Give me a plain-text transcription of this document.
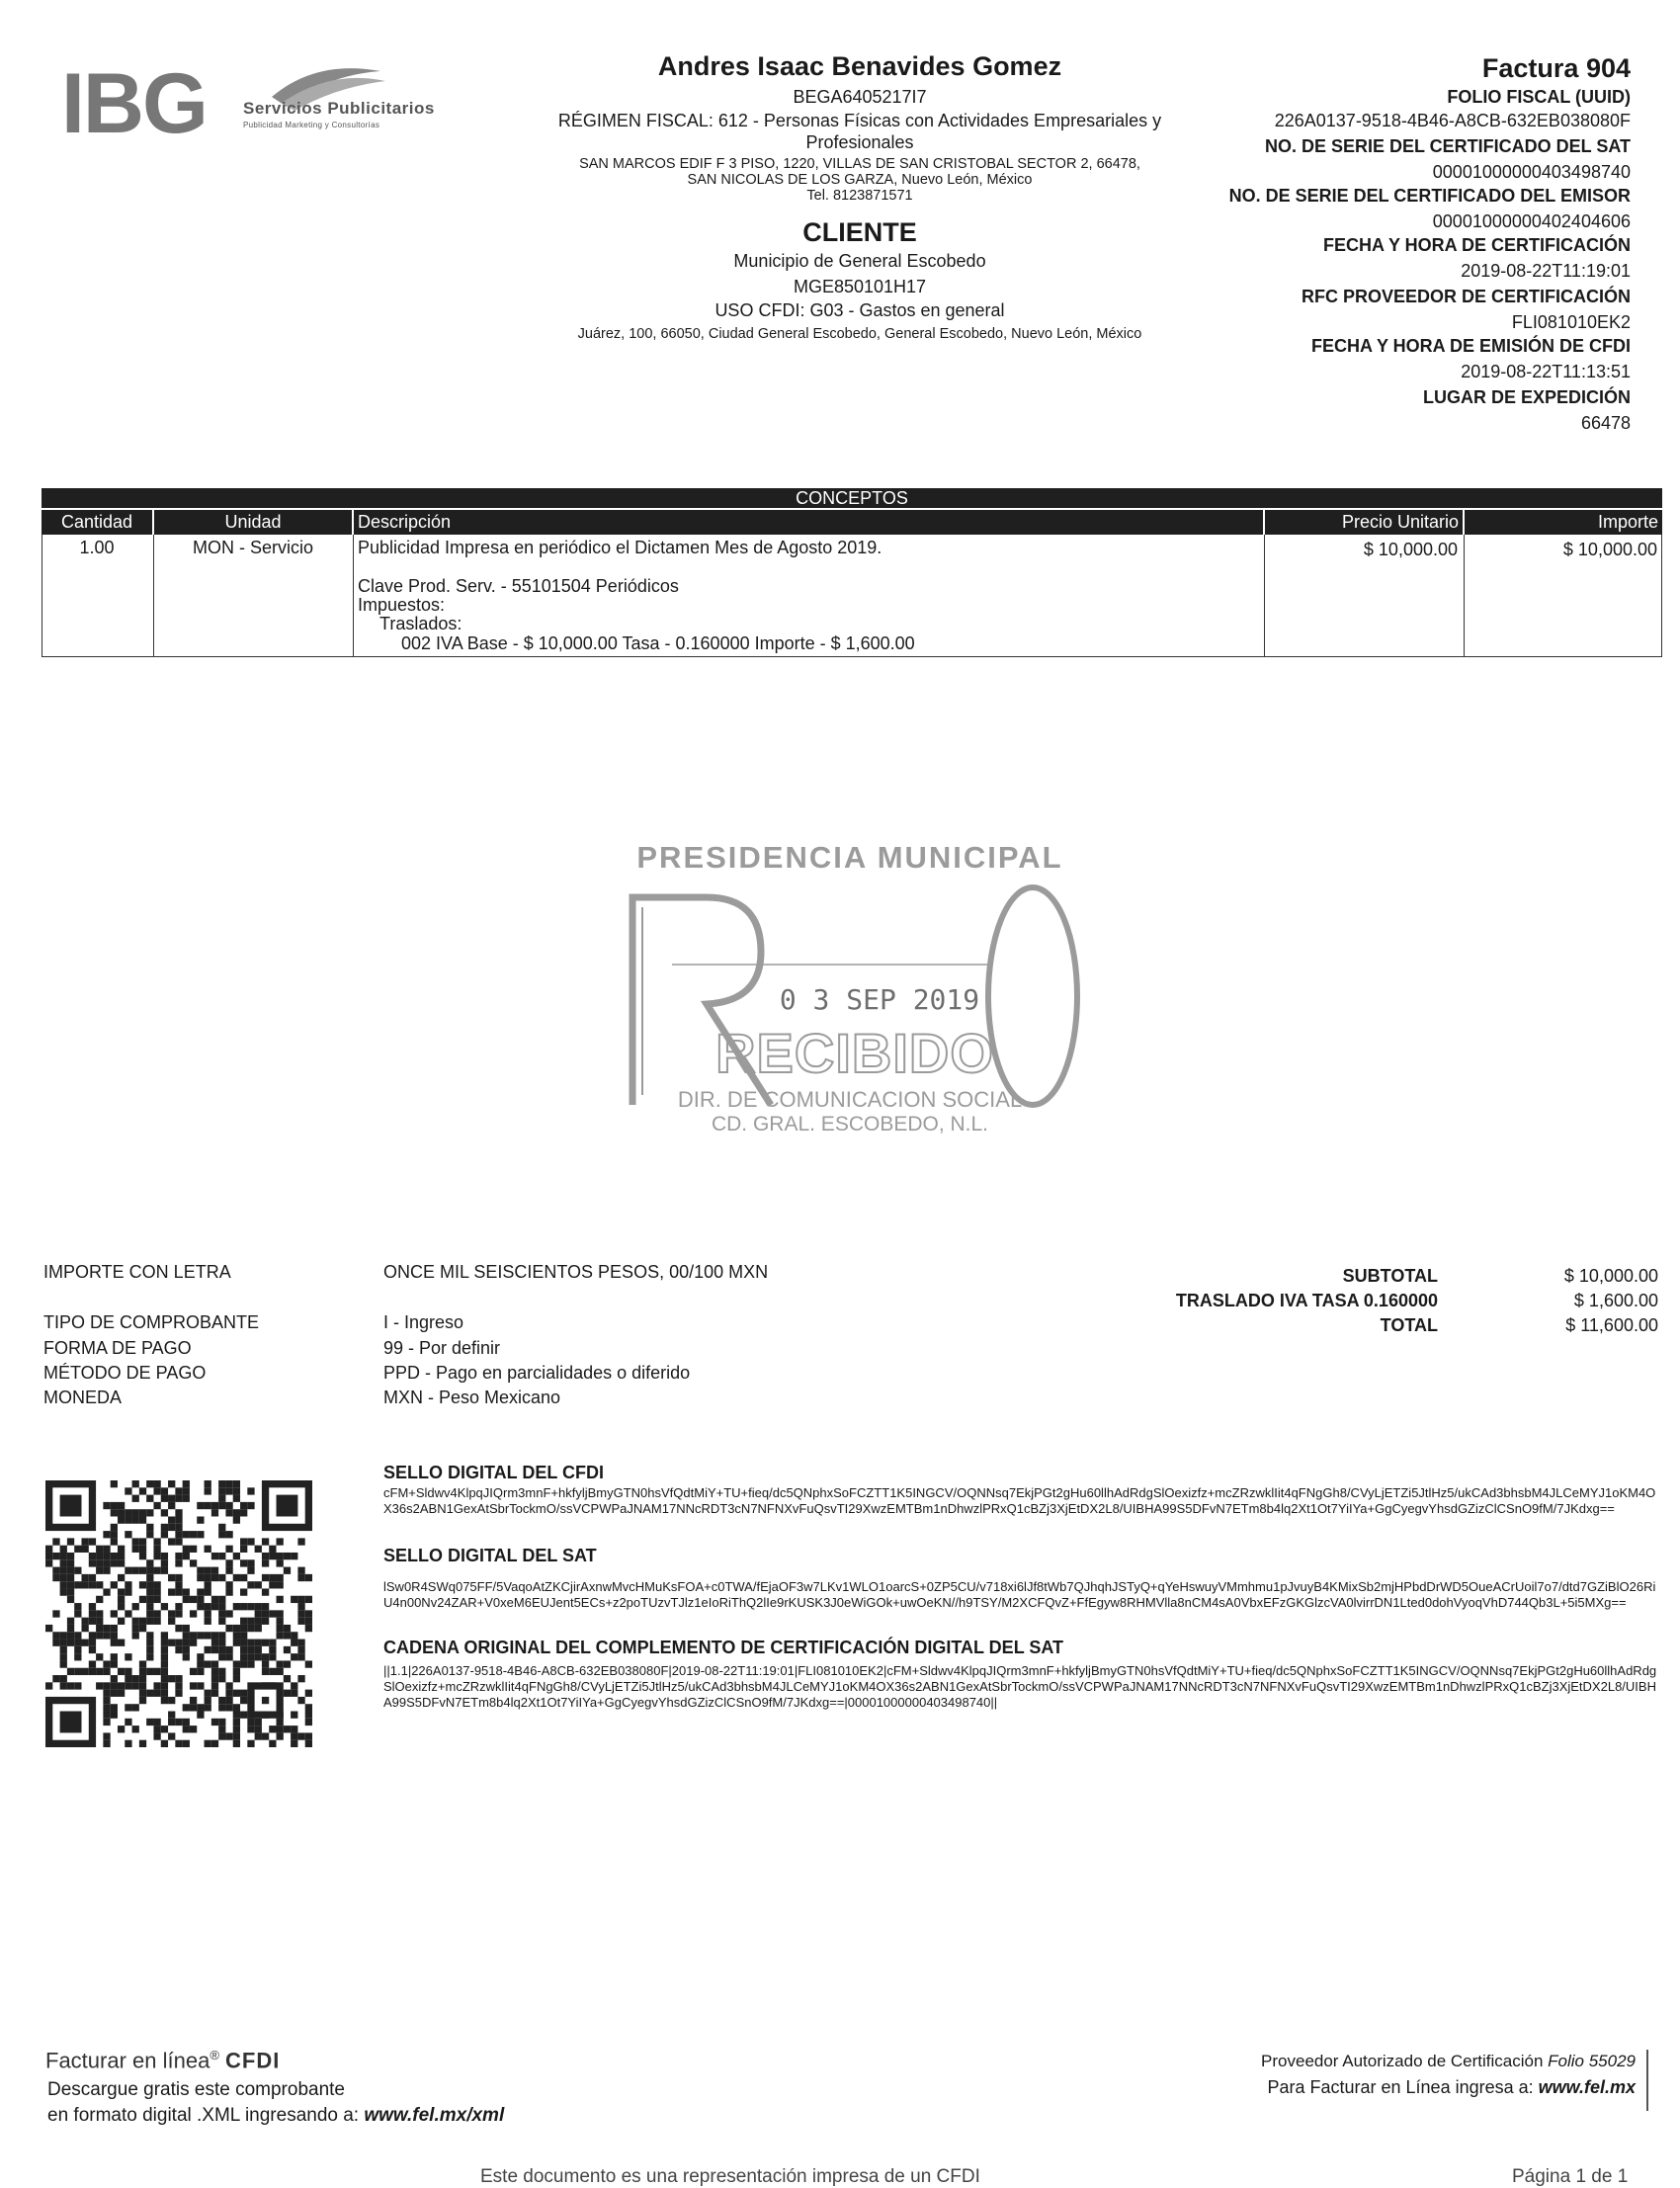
IBG Servicios Publicitarios
Publicidad Marketing y Consultorías
Andres Isaac Benavides Gomez
BEGA6405217I7
RÉGIMEN FISCAL: 612 - Personas Físicas con Actividades Empresariales y
Profesionales
SAN MARCOS EDIF F 3 PISO, 1220, VILLAS DE SAN CRISTOBAL SECTOR 2, 66478,
SAN NICOLAS DE LOS GARZA, Nuevo León, México
Tel. 8123871571
CLIENTE
Municipio de General Escobedo
MGE850101H17
USO CFDI: G03 - Gastos en general
Juárez, 100, 66050, Ciudad General Escobedo, General Escobedo, Nuevo León, México
Factura 904
FOLIO FISCAL (UUID)
226A0137-9518-4B46-A8CB-632EB038080F
NO. DE SERIE DEL CERTIFICADO DEL SAT
00001000000403498740
NO. DE SERIE DEL CERTIFICADO DEL EMISOR
00001000000402404606
FECHA Y HORA DE CERTIFICACIÓN
2019-08-22T11:19:01
RFC PROVEEDOR DE CERTIFICACIÓN
FLI081010EK2
FECHA Y HORA DE EMISIÓN DE CFDI
2019-08-22T11:13:51
LUGAR DE EXPEDICIÓN
66478
CONCEPTOS
Cantidad	Unidad	Descripción	Precio Unitario	Importe
1.00	MON - Servicio	Publicidad Impresa en periódico el Dictamen Mes de Agosto 2019.
Clave Prod. Serv. - 55101504 Periódicos
Impuestos:
Traslados:
002 IVA Base - $ 10,000.00 Tasa - 0.160000 Importe - $ 1,600.00
$ 10,000.00	$ 10,000.00
PRESIDENCIA MUNICIPAL
0 3 SEP 2019
RECIBIDO
DIR. DE COMUNICACION SOCIAL
CD. GRAL. ESCOBEDO, N.L.
IMPORTE CON LETRA	ONCE MIL SEISCIENTOS PESOS, 00/100 MXN
TIPO DE COMPROBANTE	I - Ingreso
FORMA DE PAGO	99 - Por definir
MÉTODO DE PAGO	PPD - Pago en parcialidades o diferido
MONEDA	MXN - Peso Mexicano
SUBTOTAL	$ 10,000.00
TRASLADO IVA TASA 0.160000	$ 1,600.00
TOTAL	$ 11,600.00
SELLO DIGITAL DEL CFDI
cFM+Sldwv4KlpqJIQrm3mnF+hkfyljBmyGTN0hsVfQdtMiY+TU+fieq/dc5QNphxSoFCZTT1K5INGCV/OQNNsq7EkjPGt2gHu60llhAdRdgSlOexizfz+mcZRzwklIit4qFNgGh8/CVyLjETZi5JtlHz5/ukCAd3bhsbM4JLCeMYJ1oKM4OX36s2ABN1GexAtSbrTockmO/ssVCPWPaJNAM17NNcRDT3cN7NFNXvFuQsvTI29XwzEMTBm1nDhwzlPRxQ1cBZj3XjEtDX2L8/UIBHA99S5DFvN7ETm8b4lq2Xt1Ot7YiIYa+GgCyegvYhsdGZizClCSnO9fM/7JKdxg==
SELLO DIGITAL DEL SAT
lSw0R4SWq075FF/5VaqoAtZKCjirAxnwMvcHMuKsFOA+c0TWA/fEjaOF3w7LKv1WLO1oarcS+0ZP5CU/v718xi6lJf8tWb7QJhqhJSTyQ+qYeHswuyVMmhmu1pJvuyB4KMixSb2mjHPbdDrWD5OueACrUoil7o7/dtd7GZiBlO26RiU4n00Nv24ZAR+V0xeM6EUJent5ECs+z2poTUzvTJlz1eIoRiThQ2lIe9rKUSK3J0eWiGOk+uwOeKN//h9TSY/M2XCFQvZ+FfEgyw8RHMVlla8nCM4sA0VbxEFzGKGlzcVA0lvirrDN1Lted0dohVyoqVhD744Qb3L+5i5MXg==
CADENA ORIGINAL DEL COMPLEMENTO DE CERTIFICACIÓN DIGITAL DEL SAT
||1.1|226A0137-9518-4B46-A8CB-632EB038080F|2019-08-22T11:19:01|FLI081010EK2|cFM+Sldwv4KlpqJIQrm3mnF+hkfyljBmyGTN0hsVfQdtMiY+TU+fieq/dc5QNphxSoFCZTT1K5INGCV/OQNNsq7EkjPGt2gHu60llhAdRdgSlOexizfz+mcZRzwklIit4qFNgGh8/CVyLjETZi5JtlHz5/ukCAd3bhsbM4JLCeMYJ1oKM4OX36s2ABN1GexAtSbrTockmO/ssVCPWPaJNAM17NNcRDT3cN7NFNXvFuQsvTI29XwzEMTBm1nDhwzlPRxQ1cBZj3XjEtDX2L8/UIBHA99S5DFvN7ETm8b4lq2Xt1Ot7YiIYa+GgCyegvYhsdGZizClCSnO9fM/7JKdxg==|00001000000403498740||
Facturar en línea® CFDI
Descargue gratis este comprobante
en formato digital .XML ingresando a: www.fel.mx/xml
Proveedor Autorizado de Certificación Folio 55029
Para Facturar en Línea ingresa a: www.fel.mx
Este documento es una representación impresa de un CFDI	Página 1 de 1
